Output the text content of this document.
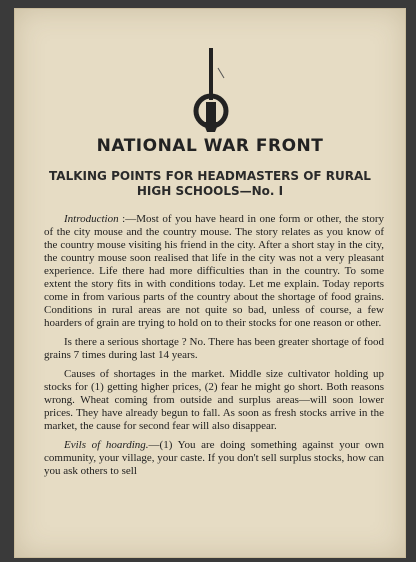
NATIONAL WAR FRONT
TALKING POINTS FOR HEADMASTERS OF RURAL HIGH SCHOOLS—No. I

Introduction :—Most of you have heard in one form or other, the story of the city mouse and the country mouse. The story relates as you know of the country mouse visiting his friend in the city. After a short stay in the city, the country mouse soon realised that life in the city was not a very pleasant experience. Life there had more difficulties than in the country. To some extent the story fits in with conditions today. Let me explain. Today reports come in from various parts of the country about the shortage of food grains. Conditions in rural areas are not quite so bad, unless of course, a few hoarders of grain are trying to hold on to their stocks for one reason or other.

Is there a serious shortage ? No. There has been greater shortage of food grains 7 times during last 14 years.

Causes of shortages in the market. Middle size cultivator holding up stocks for (1) getting higher prices, (2) fear he might go short. Both reasons wrong. Wheat coming from outside and surplus areas—will soon lower prices. They have already begun to fall. As soon as fresh stocks arrive in the market, the cause for second fear will also disappear.

Evils of hoarding.—(1) You are doing something against your own community, your village, your caste. If you don't sell surplus stocks, how can you ask others to sell
